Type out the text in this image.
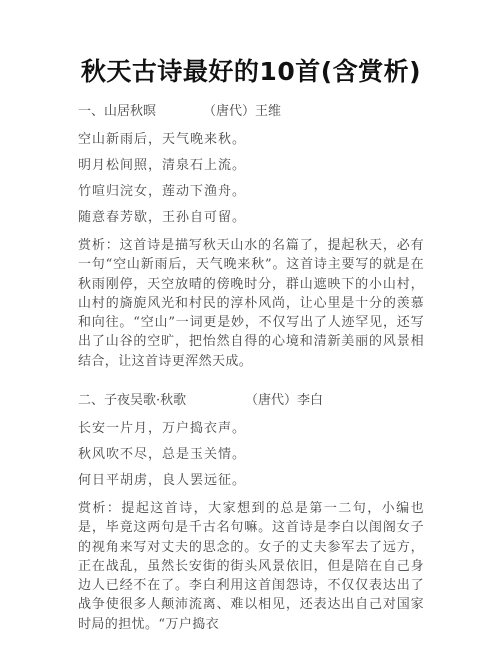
秋天古诗最好的10首(含赏析)
一、山居秋暝	（唐代）王维
空山新雨后，天气晚来秋。
明月松间照，清泉石上流。
竹喧归浣女，莲动下渔舟。
随意春芳歇，王孙自可留。
赏析：这首诗是描写秋天山水的名篇了，提起秋天，必有一句“空山新雨后，天气晚来秋”。这首诗主要写的就是在秋雨刚停，天空放晴的傍晚时分，群山遮映下的小山村，山村的旖旎风光和村民的淳朴风尚，让心里是十分的羡慕和向往。“空山”一词更是妙，不仅写出了人迹罕见，还写出了山谷的空旷，把怡然自得的心境和清新美丽的风景相结合，让这首诗更浑然天成。
二、子夜吴歌·秋歌	（唐代）李白
长安一片月，万户捣衣声。
秋风吹不尽，总是玉关情。
何日平胡虏，良人罢远征。
赏析：提起这首诗，大家想到的总是第一二句，小编也是，毕竟这两句是千古名句嘛。这首诗是李白以闺阁女子的视角来写对丈夫的思念的。女子的丈夫参军去了远方，正在战乱，虽然长安街的街头风景依旧，但是陪在自己身边人已经不在了。李白利用这首闺怨诗，不仅仅表达出了战争使很多人颠沛流离、难以相见，还表达出自己对国家时局的担忧。“万户捣衣
